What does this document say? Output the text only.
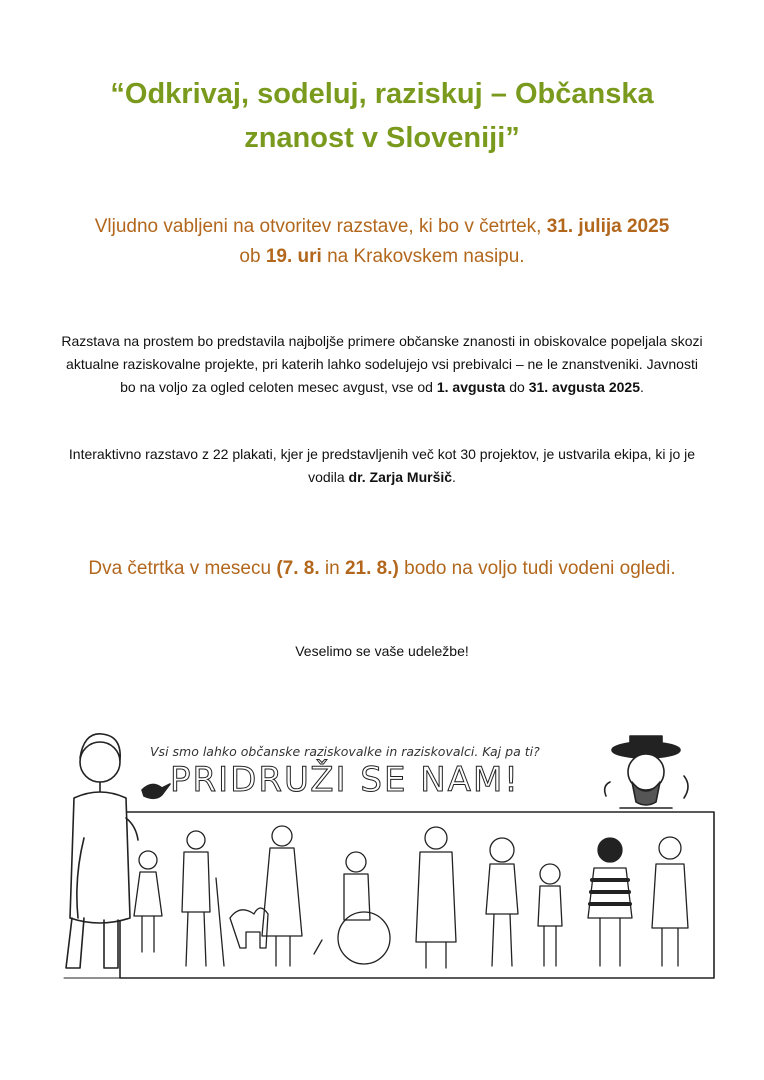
“Odkrivaj, sodeluj, raziskuj – Občanska
znanost v Sloveniji”
Vljudno vabljeni na otvoritev razstave, ki bo v četrtek, 31. julija 2025
ob 19. uri na Krakovskem nasipu.
Razstava na prostem bo predstavila najboljše primere občanske znanosti in obiskovalce popeljala skozi aktualne raziskovalne projekte, pri katerih lahko sodelujejo vsi prebivalci – ne le znanstveniki. Javnosti bo na voljo za ogled celoten mesec avgust, vse od 1. avgusta do 31. avgusta 2025.
Interaktivno razstavo z 22 plakati, kjer je predstavljenih več kot 30 projektov, je ustvarila ekipa, ki jo je vodila dr. Zarja Muršič.
Dva četrtka v mesecu (7. 8. in 21. 8.) bodo na voljo tudi vodeni ogledi.
Veselimo se vaše udeležbe!
Vsi smo lahko občanske raziskovalke in raziskovalci. Kaj pa ti?
PRIDRUŽI SE NAM!
